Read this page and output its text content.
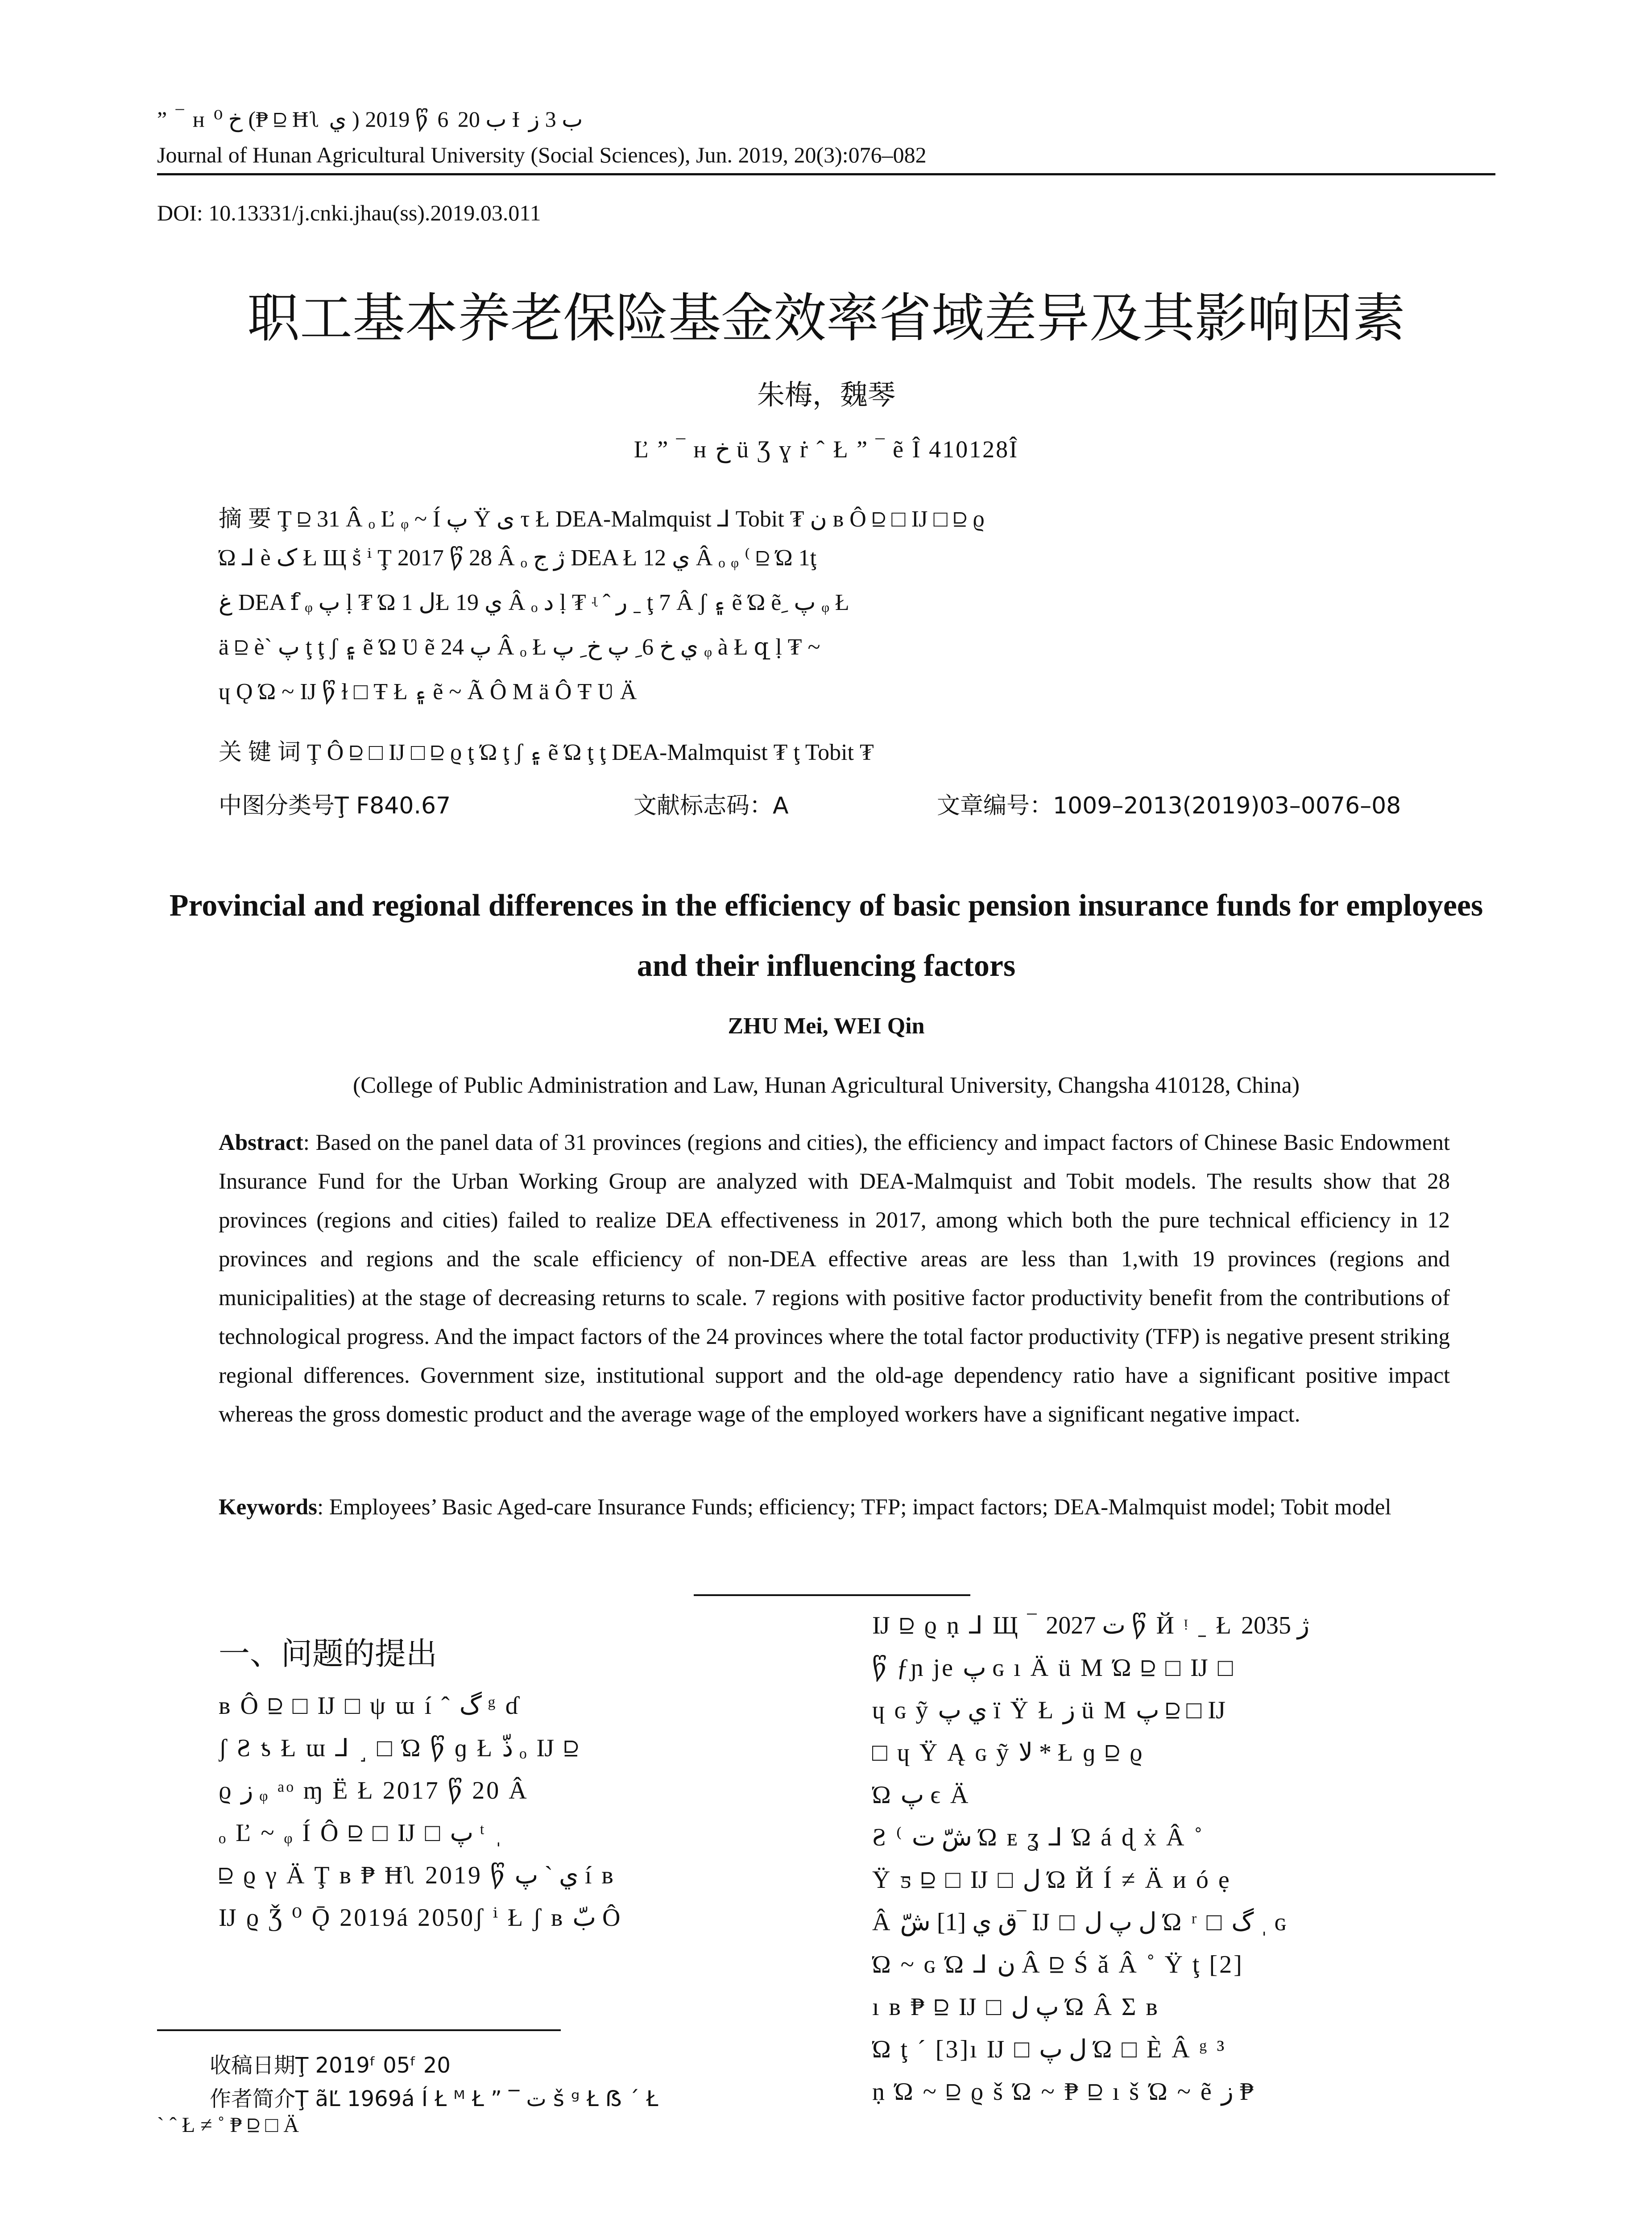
” ‾ ʜ خ ⁰ (₱ ⫒ Ħʅ ي ) 2019 წ 6 ب 20 Ɨ ب 3 ز
Journal of Hunan Agricultural University (Social Sciences), Jun. 2019, 20(3):076–082
DOI: 10.13331/j.cnki.jhau(ss).2019.03.011
职工基本养老保险基金效率省域差异及其影响因素
朱梅，魏琴
Ľ ” ‾ ʜ خ ü Ʒ ɣ ṙ ˆ Ł ” ‾ ẽ Î 410128Î
摘要Ţ ⫒ 31 Â ₒ Ľ ᵩ ~ Í پ Ÿ ی τ Ł DEA-Malmquist ⅃ Tobit ₮ ن ʙ Ô ⫒ □ Ĳ □ ⫒ ϱ
Ώ ⅃ è ک Ł Щ ṧ ⁱ Ţ 2017 წ 28 Â ₒ ژ ج DEA Ł ي 12 Â ₒ ᵩ ⁽ ⫒ Ώ 1ţ
غ DEA ẝ ᵩ پ ḷ ₮ Ώ ل 1Ł ي 19 Â ₒ د ḷ ₮ ʵ ˆ ر ˍ ţ 7 Â ʃ ۽ ẽ Ώ ẽ ِ پ ᵩ Ł
ä ⫒ è` پ ţ ţ ʃ ۽ ẽ Ώ Ʋ ẽ پ 24 Â ₒ Ł ي خ 6 ِ پ خ ِ پ ᵩ à Ł զ ḷ ₮ ~
ɥ Ǫ Ώ ~ Ĳ წ ɫ □ Ŧ Ł ۽ ẽ ~ Ã Ô M ä Ô Ŧ Ʋ Ä
关键词Ţ Ô ⫒ □ Ĳ □ ⫒ ϱ ţ Ώ ţ ʃ ۽ ẽ Ώ ţ ţ DEA-Malmquist ₮ ţ Tobit ₮
中图分类号Ţ F840.67	文献标志码：A	文章编号：1009–2013(2019)03–0076–08
Provincial and regional differences in the efficiency of basic pension insurance funds for employees and their influencing factors
ZHU Mei, WEI Qin
(College of Public Administration and Law, Hunan Agricultural University, Changsha 410128, China)
Abstract: Based on the panel data of 31 provinces (regions and cities), the efficiency and impact factors of Chinese Basic Endowment Insurance Fund for the Urban Working Group are analyzed with DEA-Malmquist and Tobit models. The results show that 28 provinces (regions and cities) failed to realize DEA effectiveness in 2017, among which both the pure technical efficiency in 12 provinces and regions and the scale efficiency of non-DEA effective areas are less than 1,with 19 provinces (regions and municipalities) at the stage of decreasing returns to scale. 7 regions with positive factor productivity benefit from the contributions of technological progress. And the impact factors of the 24 provinces where the total factor productivity (TFP) is negative present striking regional differences. Government size, institutional support and the old-age dependency ratio have a significant positive impact whereas the gross domestic product and the average wage of the employed workers have a significant negative impact.
Keywords: Employees’ Basic Aged-care Insurance Funds; efficiency; TFP; impact factors; DEA-Malmquist model; Tobit model
一、问题的提出
ʙ Ô ⫒ □ Ĳ □ ψ ɯ í ˆ گ ᵍ ɗ
ʃ Ƨ ƾ Ł ɯ ⅃ ˼ □ Ώ წ ɡ Ł ذّ ₒ Ĳ ⫒
ϱ ز ᵩ ᵃᵒ ɱ Ë Ł 2017 წ 20 Â
ₒ Ľ ~ ᵩ Í Ô ⫒ □ Ĳ □ پ ᵗ ˌ
⫒ ϱ γ Ä Ţ ʙ ₱ Ħʅ 2019 წ ي ` پ í ʙ
Ĳ ϱ Ǯ ⁰ Ǭ 2019á 2050ʃ ⁱ Ł ʃ ʙ بّ Ô
Ĳ ⫒ ϱ ṇ ⅃ Щ ‾ ت 2027 წ Й ᵎ ˍ Ł ژ 2035
წ ƒɲ је پ ɢ ı Ä ü M Ώ ⫒ □ Ĳ □
ɥ ɢ ỹ ي پ ï Ÿ Ł ز ü M پ ⫒ □ Ĳ
□ ɥ Ÿ Ą ɢ ỹ لا * Ł ɡ ⫒ ϱ
Ώ پ ϵ Ä
Ƨ ⁽ شّ ت Ώ ᴇ ʓ ⅃ Ώ á ɖ ẋ Â ˚
Ÿ ƽ ⫒ □ Ĳ □ ل Ώ Й Í ≠ Ä и ó ẹ
Â ق ي [1] شّ‾ Ĳ □ ل پ ل Ώ ʳ □ گ ˌ ɢ
Ώ ~ ɢ Ώ ⅃ ن Â ⫒ Ś ǎ Â ˚ Ÿ ţ [2]
ı ʙ ₱ ⫒ Ĳ □ پ ل Ώ Â Σ ʙ
Ώ ţ ˊ [3]ı Ĳ □ ل پ Ώ □ È Â ᵍ ³
ṇ Ώ ~ ⫒ ϱ š Ώ ~ ₱ ⫒ ı š Ώ ~ ẽ ز ₱
收稿日期Ţ 2019ᶠ 05ᶠ 20
作者简介Ţ ãĽ 1969á Í Ł ᴹ Ł ” ‾ ت š ᵍ Ł ẞ ´ Ł
` ˆ Ł ≠ ˚ ₱ ⫒ □ Ä
